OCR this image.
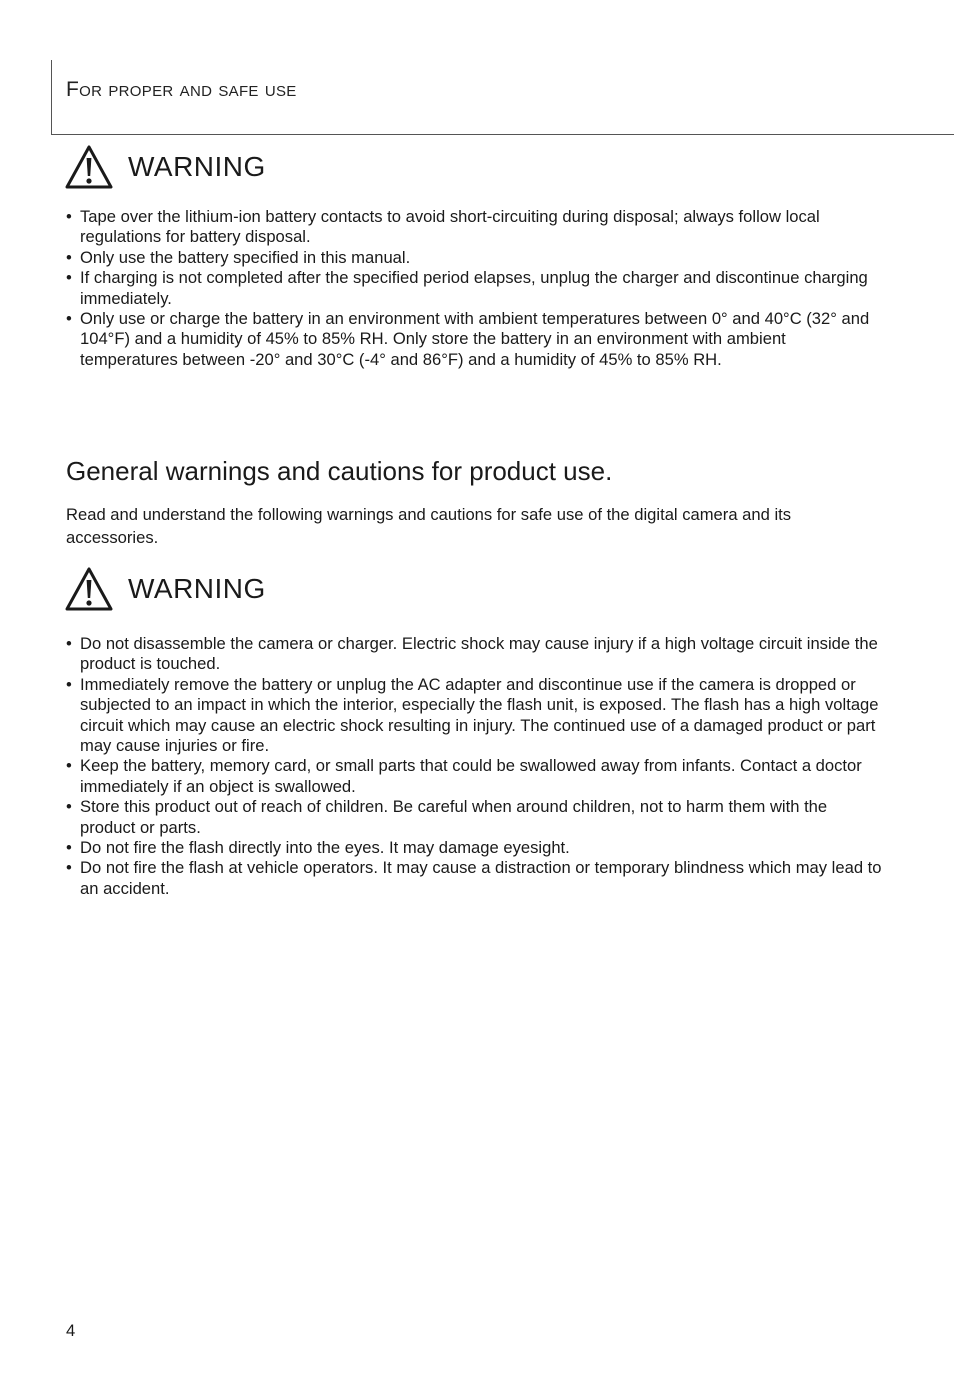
For proper and safe use
WARNING
• Tape over the lithium-ion battery contacts to avoid short-circuiting during disposal; always follow local regulations for battery disposal.
• Only use the battery specified in this manual.
• If charging is not completed after the specified period elapses, unplug the charger and discontinue charging immediately.
• Only use or charge the battery in an environment with ambient temperatures between 0° and 40°C (32° and 104°F) and a humidity of 45% to 85% RH. Only store the battery in an environment with ambient temperatures between -20° and 30°C (-4° and 86°F) and a humidity of 45% to 85% RH.
General warnings and cautions for product use.

Read and understand the following warnings and cautions for safe use of the digital camera and its accessories.

WARNING
• Do not disassemble the camera or charger. Electric shock may cause injury if a high voltage circuit inside the product is touched.
• Immediately remove the battery or unplug the AC adapter and discontinue use if the camera is dropped or subjected to an impact in which the interior, especially the flash unit, is exposed. The flash has a high voltage circuit which may cause an electric shock resulting in injury. The continued use of a damaged product or part may cause injuries or fire.
• Keep the battery, memory card, or small parts that could be swallowed away from infants. Contact a doctor immediately if an object is swallowed.
• Store this product out of reach of children. Be careful when around children, not to harm them with the product or parts.
• Do not fire the flash directly into the eyes. It may damage eyesight.
• Do not fire the flash at vehicle operators. It may cause a distraction or temporary blindness which may lead to an accident.
4
